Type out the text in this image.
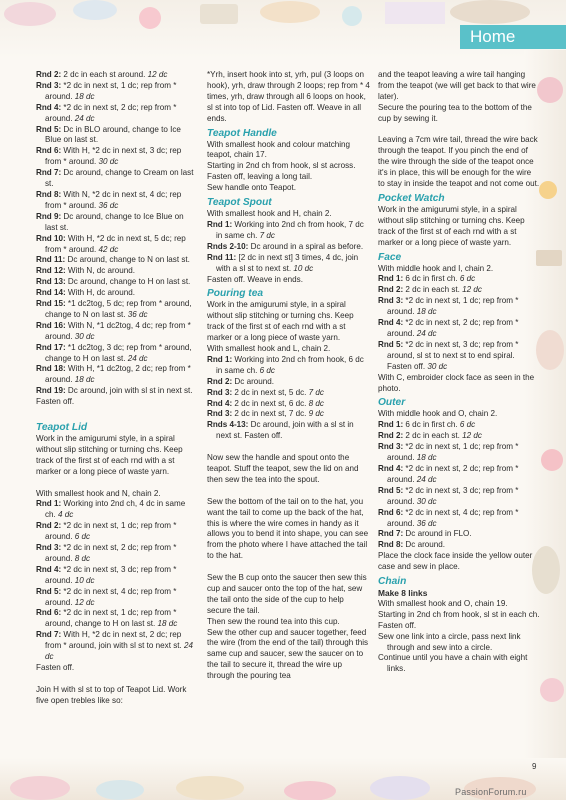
Home

Rnd 2: 2 dc in each st around. 12 dc

Rnd 3: *2 dc in next st, 1 dc; rep from * around. 18 dc

Rnd 4: *2 dc in next st, 2 dc; rep from * around. 24 dc

Rnd 5: Dc in BLO around, change to Ice Blue on last st.

Rnd 6: With H, *2 dc in next st, 3 dc; rep from * around. 30 dc

Rnd 7: Dc around, change to Cream on last st.

Rnd 8: With N, *2 dc in next st, 4 dc; rep from * around. 36 dc

Rnd 9: Dc around, change to Ice Blue on last st.

Rnd 10: With H, *2 dc in next st, 5 dc; rep from * around. 42 dc

Rnd 11: Dc around, change to N on last st.

Rnd 12: With N, dc around.

Rnd 13: Dc around, change to H on last st.

Rnd 14: With H, dc around.

Rnd 15: *1 dc2tog, 5 dc; rep from * around, change to N on last st. 36 dc

Rnd 16: With N, *1 dc2tog, 4 dc; rep from * around. 30 dc

Rnd 17: *1 dc2tog, 3 dc; rep from * around, change to H on last st. 24 dc

Rnd 18: With H, *1 dc2tog, 2 dc; rep from * around. 18 dc

Rnd 19: Dc around, join with sl st in next st.

Fasten off.

Teapot Lid

Work in the amigurumi style, in a spiral without slip stitching or turning chs. Keep track of the first st of each rnd with a st marker or a long piece of waste yarn.

With smallest hook and N, chain 2.

Rnd 1: Working into 2nd ch, 4 dc in same ch. 4 dc

Rnd 2: *2 dc in next st, 1 dc; rep from * around. 6 dc

Rnd 3: *2 dc in next st, 2 dc; rep from * around. 8 dc

Rnd 4: *2 dc in next st, 3 dc; rep from * around. 10 dc

Rnd 5: *2 dc in next st, 4 dc; rep from * around. 12 dc

Rnd 6: *2 dc in next st, 1 dc; rep from * around, change to H on last st. 18 dc

Rnd 7: With H, *2 dc in next st, 2 dc; rep from * around, join with sl st to next st. 24 dc

Fasten off.

Join H with sl st to top of Teapot Lid. Work five open trebles like so:

*Yrh, insert hook into st, yrh, pul (3 loops on hook), yrh, draw through 2 loops; rep from * 4 times, yrh, draw through all 6 loops on hook, sl st into top of Lid. Fasten off. Weave in all ends.

Teapot Handle

With smallest hook and colour matching teapot, chain 17.

Starting in 2nd ch from hook, sl st across. Fasten off, leaving a long tail.

Sew handle onto Teapot.

Teapot Spout

With smallest hook and H, chain 2.

Rnd 1: Working into 2nd ch from hook, 7 dc in same ch. 7 dc

Rnds 2-10: Dc around in a spiral as before.

Rnd 11: [2 dc in next st] 3 times, 4 dc, join with a sl st to next st. 10 dc

Fasten off. Weave in ends.

Pouring tea

Work in the amigurumi style, in a spiral without slip stitching or turning chs. Keep track of the first st of each rnd with a st marker or a long piece of waste yarn.

With smallest hook and L, chain 2.

Rnd 1: Working into 2nd ch from hook, 6 dc in same ch. 6 dc

Rnd 2: Dc around.

Rnd 3: 2 dc in next st, 5 dc. 7 dc

Rnd 4: 2 dc in next st, 6 dc. 8 dc

Rnd 3: 2 dc in next st, 7 dc. 9 dc

Rnds 4-13: Dc around, join with a sl st in next st. Fasten off.

Now sew the handle and spout onto the teapot. Stuff the teapot, sew the lid on and then sew the tea into the spout.

Sew the bottom of the tail on to the hat, you want the tail to come up the back of the hat, this is where the wire comes in handy as it allows you to bend it into shape, you can see from the photo where I have attached the tail to the hat.

Sew the B cup onto the saucer then sew this cup and saucer onto the top of the hat, sew the tail onto the side of the cup to help secure the tail.

Then sew the round tea into this cup.

Sew the other cup and saucer together, feed the wire (from the end of the tail) through this same cup and saucer, sew the saucer on to the tail to secure it, thread the wire up through the pouring tea

and the teapot leaving a wire tail hanging from the teapot (we will get back to that wire later).

Secure the pouring tea to the bottom of the cup by sewing it.

Leaving a 7cm wire tail, thread the wire back through the teapot. If you pinch the end of the wire through the side of the teapot once it's in place, this will be enough for the wire to stay in inside the teapot and not come out.

Pocket Watch

Work in the amigurumi style, in a spiral without slip stitching or turning chs. Keep track of the first st of each rnd with a st marker or a long piece of waste yarn.

Face

With middle hook and I, chain 2.

Rnd 1: 6 dc in first ch. 6 dc

Rnd 2: 2 dc in each st. 12 dc

Rnd 3: *2 dc in next st, 1 dc; rep from * around. 18 dc

Rnd 4: *2 dc in next st, 2 dc; rep from * around. 24 dc

Rnd 5: *2 dc in next st, 3 dc; rep from * around, sl st to next st to end spiral. Fasten off. 30 dc

With C, embroider clock face as seen in the photo.

Outer

With middle hook and O, chain 2.

Rnd 1: 6 dc in first ch. 6 dc

Rnd 2: 2 dc in each st. 12 dc

Rnd 3: *2 dc in next st, 1 dc; rep from * around. 18 dc

Rnd 4: *2 dc in next st, 2 dc; rep from * around. 24 dc

Rnd 5: *2 dc in next st, 3 dc; rep from * around. 30 dc

Rnd 6: *2 dc in next st, 4 dc; rep from * around. 36 dc

Rnd 7: Dc around in FLO.

Rnd 8: Dc around.

Place the clock face inside the yellow outer case and sew in place.

Chain

Make 8 links

With smallest hook and O, chain 19.

Starting in 2nd ch from hook, sl st in each ch. Fasten off.

Sew one link into a circle, pass next link through and sew into a circle.

Continue until you have a chain with eight links.

9
PassionForum.ru
